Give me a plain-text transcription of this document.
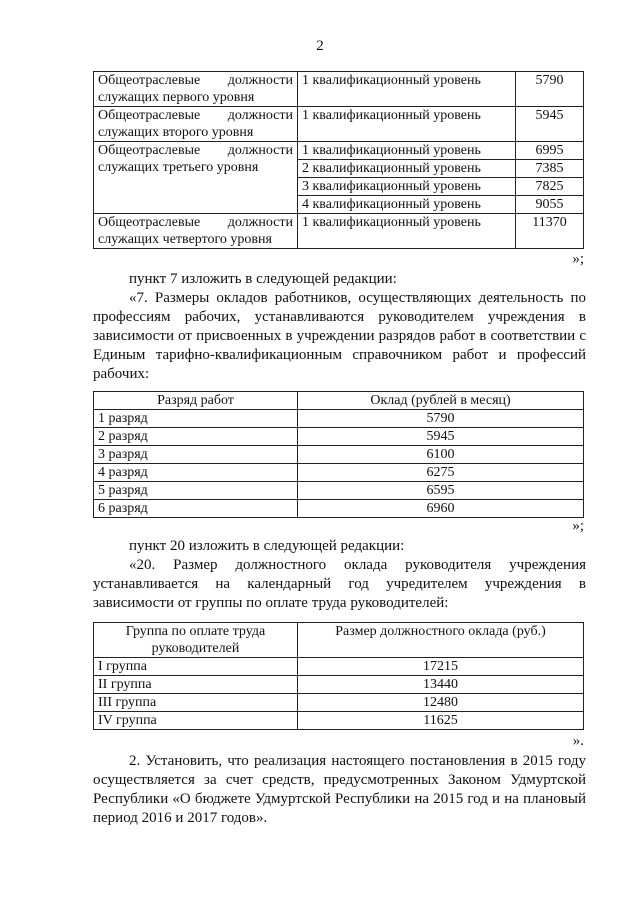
2
Общеотраслевые должности служащих первого уровня	1 квалификационный уровень	5790
Общеотраслевые должности служащих второго уровня	1 квалификационный уровень	5945
Общеотраслевые должности служащих третьего уровня	1 квалификационный уровень	6995
	2 квалификационный уровень	7385
	3 квалификационный уровень	7825
	4 квалификационный уровень	9055
Общеотраслевые должности служащих четвертого уровня	1 квалификационный уровень	11370
»;
пункт 7 изложить в следующей редакции:

«7. Размеры окладов работников, осуществляющих деятельность по профессиям рабочих, устанавливаются руководителем учреждения в зависимости от присвоенных в учреждении разрядов работ в соответствии с Единым тарифно-квалификационным справочником работ и профессий рабочих:

Разряд работ	Оклад (рублей в месяц)
1 разряд	5790
2 разряд	5945
3 разряд	6100
4 разряд	6275
5 разряд	6595
6 разряд	6960
»;
пункт 20 изложить в следующей редакции:

«20. Размер должностного оклада руководителя учреждения устанавливается на календарный год учредителем учреждения в зависимости от группы по оплате труда руководителей:

Группа по оплате труда руководителей	Размер должностного оклада (руб.)
I группа	17215
II группа	13440
III группа	12480
IV группа	11625
».

2. Установить, что реализация настоящего постановления в 2015 году осуществляется за счет средств, предусмотренных Законом Удмуртской Республики «О бюджете Удмуртской Республики на 2015 год и на плановый период 2016 и 2017 годов».
